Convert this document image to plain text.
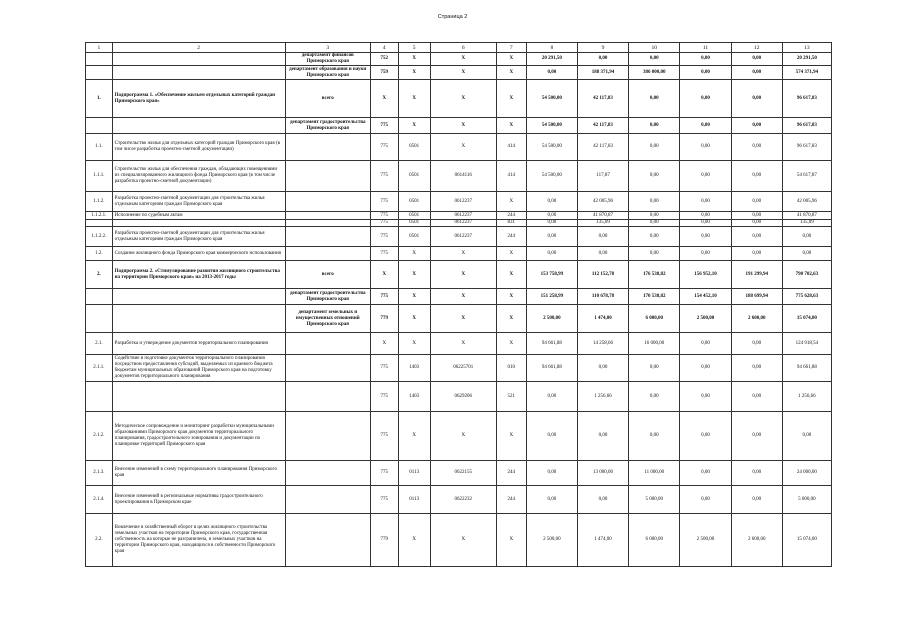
Страница 2
1	2	3	4	5	6	7	8	9	10	11	12	13
		департамент финансов Приморского края	752	X	X	X	20 291,50	0,00	0,00	0,00	0,00	20 291,50
		департамент образования и науки Приморского края	759	X	X	X	0,00	188 371,94	386 000,00	0,00	0,00	574 371,94
1.	Подпрограмма 1. «Обеспечение жильем отдельных категорий граждан Приморского края»	всего	X	X	X	X	54 500,00	42 117,83	0,00	0,00	0,00	96 617,83
		департамент градостроительства Приморского края	775	X	X	X	54 500,00	42 117,83	0,00	0,00	0,00	96 617,83
1.1.	Строительство жилья для отдельных категорий граждан Приморского края (в том числе разработка проектно-сметной документации)		775	0501	X	414	54 500,00	42 117,83	0,00	0,00	0,00	96 617,83
1.1.1.	Строительство жилья для обеспечения граждан, обладающих помещениями из специализированного жилищного фонда Приморского края (в том числе разработка проектно-сметной документации)		775	0501	0614116	414	54 500,00	117,87	0,00	0,00	0,00	54 617,87
1.1.2.	Разработка проектно-сметной документации для строительства жилья отдельным категориям граждан Приморского края		775	0501	0612237	X	0,00	42 005,96	0,00	0,00	0,00	42 005,96
1.1.2.1.	Исполнение по судебным актам		775	0501	0612237	244	0,00	41 870,87	0,00	0,00	0,00	41 870,87
			775	0501	0612237	831	0,00	135,09	0,00	0,00	0,00	135,09
1.1.2.2.	Разработка проектно-сметной документации для строительства жилья отдельным категориям граждан Приморского края		775	0501	0612237	244	0,00	0,00	0,00	0,00	0,00	0,00
1.2.	Создание жилищного фонда Приморского края коммерческого использования		775	X	X	X	0,00	0,00	0,00	0,00	0,00	0,00
2.	Подпрограмма 2. «Стимулирование развития жилищного строительства на территории Приморского края» на 2013-2017 годы	всего	X	X	X	X	153 758,99	112 152,78	176 538,82	156 952,10	191 299,94	790 702,63
		департамент градостроительства Приморского края	775	X	X	X	151 258,99	110 678,78	170 538,82	154 452,10	188 699,94	775 628,63
		департамент земельных и имущественных отношений Приморского края	779	X	X	X	2 500,00	1 474,00	6 000,00	2 500,00	2 600,00	15 074,00
2.1.	Разработка и утверждение документов территориального планирования		X	X	X	X	94 661,88	14 258,66	16 000,00	0,00	0,00	124 918,54
2.1.1.	Содействие в подготовке документов территориального планирования посредством предоставления субсидий, выделяемых из краевого бюджета бюджетам муниципальных образований Приморского края на подготовку документов территориального планирования		775	1403	06225701	010	94 661,88	0,00	0,00	0,00	0,00	94 661,88
			775	1403	0629206	521	0,00	1 256,66	0,00	0,00	0,00	1 256,66
2.1.2.	Методическое сопровождение и мониторинг разработки муниципальными образованиями Приморского края документов территориального планирования, градостроительного зонирования и документации по планировке территорий Приморского края		775	X	X	X	0,00	0,00	0,00	0,00	0,00	0,00
2.1.3.	Внесение изменений в схему территориального планирования Приморского края		775	0113	0622155	244	0,00	13 000,00	11 000,00	0,00	0,00	24 000,00
2.1.4.	Внесение изменений в региональные нормативы градостроительного проектирования в Приморском крае		775	0113	0622232	244	0,00	0,00	5 000,00	0,00	0,00	5 000,00
2.2.	Вовлечение в хозяйственный оборот в целях жилищного строительства земельных участков на территории Приморского края, государственная собственность на которые не разграничена, и земельных участков на территории Приморского края, находящихся в собственности Приморского края		779	X	X	X	2 500,00	1 474,00	6 000,00	2 500,00	2 600,00	15 074,00
